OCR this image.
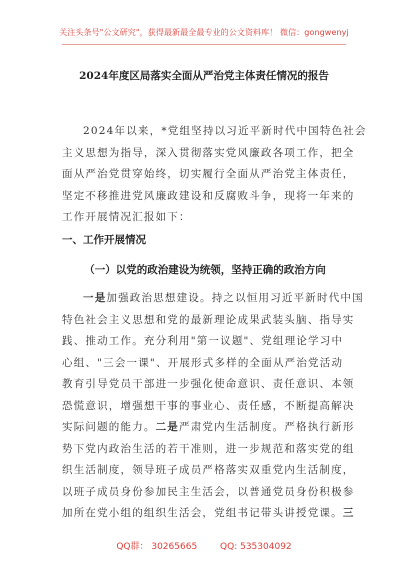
关注头条号"公文研究"，获得最新最全最专业的公文资料库！ 微信：gongwenyj
2024年度区局落实全面从严治党主体责任情况的报告
2024年以来，*党组坚持以习近平新时代中国特色社会
主义思想为指导，深入贯彻落实党风廉政各项工作，把全
面从严治党贯穿始终，切实履行全面从严治党主体责任，
坚定不移推进党风廉政建设和反腐败斗争，现将一年来的
工作开展情况汇报如下：
一、工作开展情况
（一）以党的政治建设为统领，坚持正确的政治方向
一是加强政治思想建设。持之以恒用习近平新时代中国
特色社会主义思想和党的最新理论成果武装头脑、指导实
践、推动工作。充分利用"第一议题"、党组理论学习中
心组、"三会一课"、开展形式多样的全面从严治党活动
教育引导党员干部进一步强化使命意识、责任意识、本领
恐慌意识，增强想干事的事业心、责任感，不断提高解决
实际问题的能力。二是严肃党内生活制度。严格执行新形
势下党内政治生活的若干准则，进一步规范和落实党的组
织生活制度，领导班子成员严格落实双重党内生活制度，
以班子成员身份参加民主生活会，以普通党员身份积极参
加所在党小组的组织生活会，党组书记带头讲授党课。三
QQ群： 30265665	QQ: 535304092
